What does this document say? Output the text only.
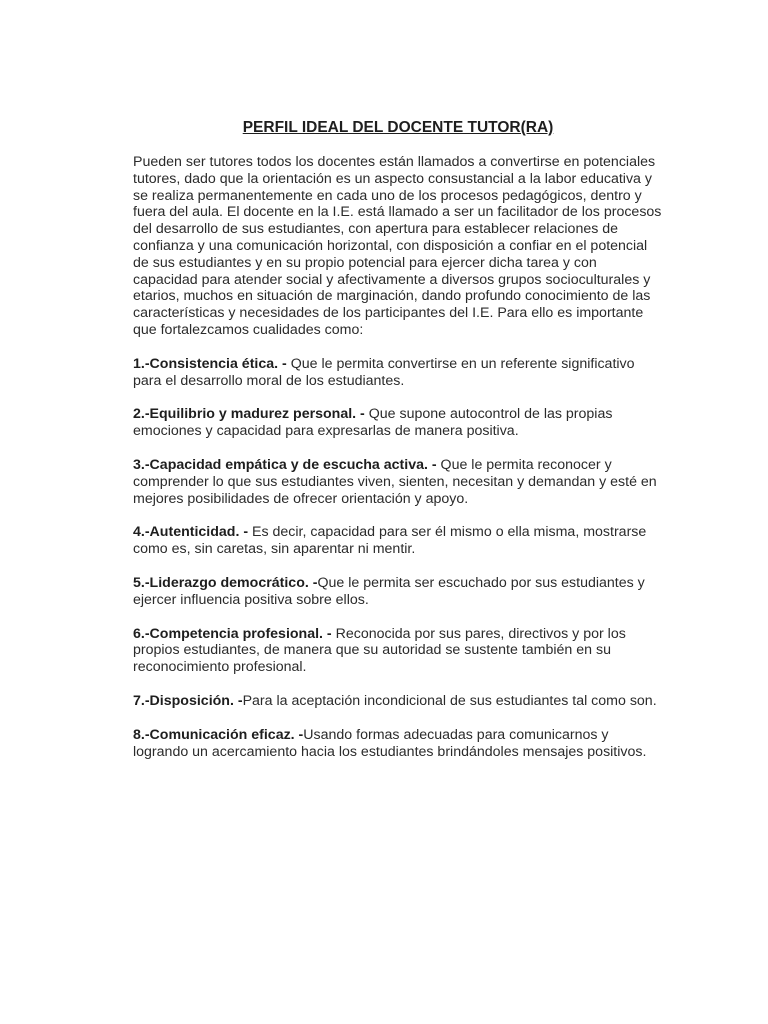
PERFIL IDEAL DEL DOCENTE TUTOR(RA)
Pueden ser tutores todos los docentes están llamados a convertirse en potenciales tutores, dado que la orientación es un aspecto consustancial a la labor educativa y se realiza permanentemente en cada uno de los procesos pedagógicos, dentro y fuera del aula. El docente en la I.E. está llamado a ser un facilitador de los procesos del desarrollo de sus estudiantes, con apertura para establecer relaciones de confianza y una comunicación horizontal, con disposición a confiar en el potencial de sus estudiantes y en su propio potencial para ejercer dicha tarea y con capacidad para atender social y afectivamente a diversos grupos socioculturales y etarios, muchos en situación de marginación, dando profundo conocimiento de las características y necesidades de los participantes del I.E. Para ello es importante que fortalezcamos cualidades como:
1.-Consistencia ética. - Que le permita convertirse en un referente significativo para el desarrollo moral de los estudiantes.
2.-Equilibrio y madurez personal. - Que supone autocontrol de las propias emociones y capacidad para expresarlas de manera positiva.
3.-Capacidad empática y de escucha activa. - Que le permita reconocer y comprender lo que sus estudiantes viven, sienten, necesitan y demandan y esté en mejores posibilidades de ofrecer orientación y apoyo.
4.-Autenticidad. - Es decir, capacidad para ser él mismo o ella misma, mostrarse como es, sin caretas, sin aparentar ni mentir.
5.-Liderazgo democrático. -Que le permita ser escuchado por sus estudiantes y ejercer influencia positiva sobre ellos.
6.-Competencia profesional. - Reconocida por sus pares, directivos y por los propios estudiantes, de manera que su autoridad se sustente también en su reconocimiento profesional.
7.-Disposición. -Para la aceptación incondicional de sus estudiantes tal como son.
8.-Comunicación eficaz. -Usando formas adecuadas para comunicarnos y logrando un acercamiento hacia los estudiantes brindándoles mensajes positivos.
